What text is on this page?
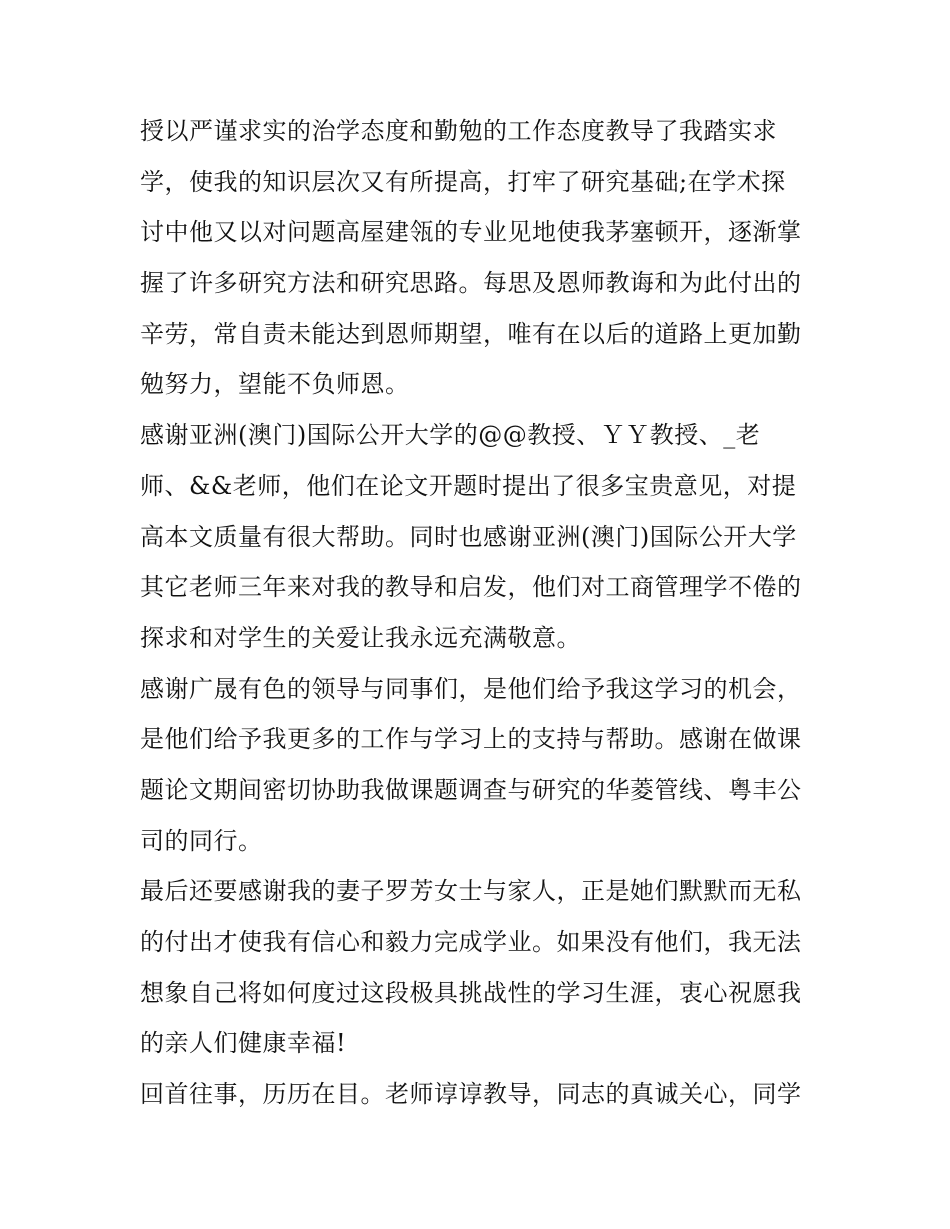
授以严谨求实的治学态度和勤勉的工作态度教导了我踏实求
学，使我的知识层次又有所提高，打牢了研究基础;在学术探
讨中他又以对问题高屋建瓴的专业见地使我茅塞顿开，逐渐掌
握了许多研究方法和研究思路。每思及恩师教诲和为此付出的
辛劳，常自责未能达到恩师期望，唯有在以后的道路上更加勤
勉努力，望能不负师恩。

感谢亚洲(澳门)国际公开大学的@@教授、ＹＹ教授、_老
师、&&老师，他们在论文开题时提出了很多宝贵意见，对提
高本文质量有很大帮助。同时也感谢亚洲(澳门)国际公开大学
其它老师三年来对我的教导和启发，他们对工商管理学不倦的
探求和对学生的关爱让我永远充满敬意。

感谢广晟有色的领导与同事们，是他们给予我这学习的机会，
是他们给予我更多的工作与学习上的支持与帮助。感谢在做课
题论文期间密切协助我做课题调查与研究的华菱管线、粤丰公
司的同行。

最后还要感谢我的妻子罗芳女士与家人，正是她们默默而无私
的付出才使我有信心和毅力完成学业。如果没有他们，我无法
想象自己将如何度过这段极具挑战性的学习生涯，衷心祝愿我
的亲人们健康幸福!

回首往事，历历在目。老师谆谆教导，同志的真诚关心，同学
